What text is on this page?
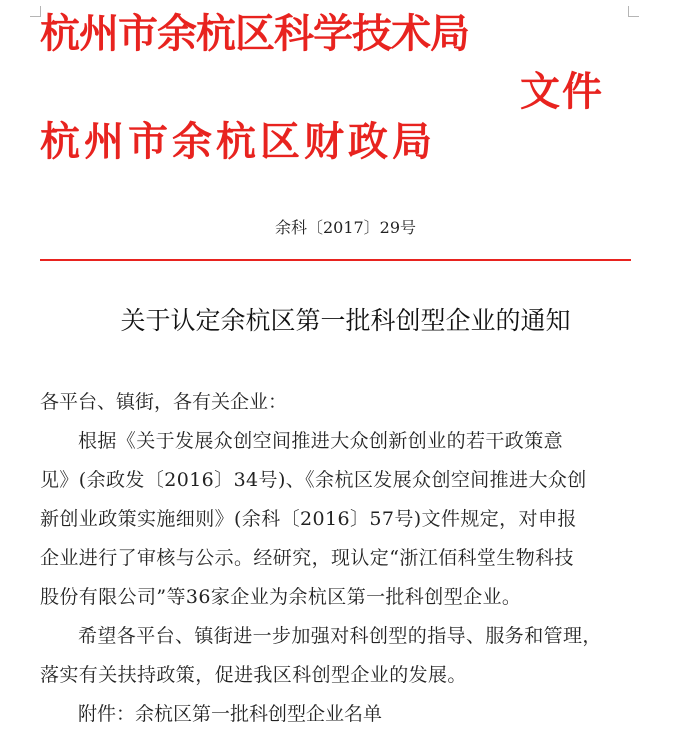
杭州市余杭区科学技术局
文件
杭州市余杭区财政局
余科〔2017〕29号
关于认定余杭区第一批科创型企业的通知
各平台、镇街，各有关企业：
根据《关于发展众创空间推进大众创新创业的若干政策意
见》(余政发〔2016〕34号)、《余杭区发展众创空间推进大众创
新创业政策实施细则》(余科〔2016〕57号)文件规定，对申报
企业进行了审核与公示。经研究，现认定“浙江佰科堂生物科技
股份有限公司”等36家企业为余杭区第一批科创型企业。
希望各平台、镇街进一步加强对科创型的指导、服务和管理，
落实有关扶持政策，促进我区科创型企业的发展。
附件：余杭区第一批科创型企业名单
